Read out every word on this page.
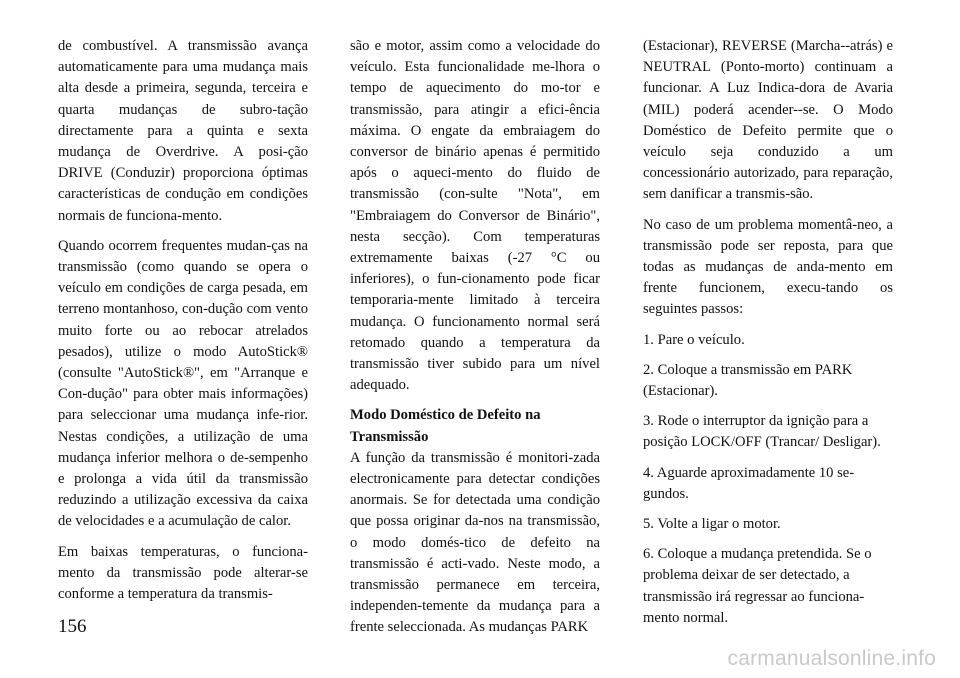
de combustível. A transmissão avança automaticamente para uma mudança mais alta desde a primeira, segunda, terceira e quarta mudanças de subro-tação directamente para a quinta e sexta mudança de Overdrive. A posi-ção DRIVE (Conduzir) proporciona óptimas características de condução em condições normais de funciona-mento.

Quando ocorrem frequentes mudan-ças na transmissão (como quando se opera o veículo em condições de carga pesada, em terreno montanhoso, con-dução com vento muito forte ou ao rebocar atrelados pesados), utilize o modo AutoStick® (consulte "AutoStick®", em "Arranque e Con-dução" para obter mais informações) para seleccionar uma mudança infe-rior. Nestas condições, a utilização de uma mudança inferior melhora o de-sempenho e prolonga a vida útil da transmissão reduzindo a utilização excessiva da caixa de velocidades e a acumulação de calor.

Em baixas temperaturas, o funciona-mento da transmissão pode alterar-se conforme a temperatura da transmis-

são e motor, assim como a velocidade do veículo. Esta funcionalidade me-lhora o tempo de aquecimento do mo-tor e transmissão, para atingir a efici-ência máxima. O engate da embraiagem do conversor de binário apenas é permitido após o aqueci-mento do fluido de transmissão (con-sulte "Nota", em "Embraiagem do Conversor de Binário", nesta secção). Com temperaturas extremamente baixas (-27 °C ou inferiores), o fun-cionamento pode ficar temporaria-mente limitado à terceira mudança. O funcionamento normal será retomado quando a temperatura da transmissão tiver subido para um nível adequado.

Modo Doméstico de Defeito na Transmissão

A função da transmissão é monitori-zada electronicamente para detectar condições anormais. Se for detectada uma condição que possa originar da-nos na transmissão, o modo domés-tico de defeito na transmissão é acti-vado. Neste modo, a transmissão permanece em terceira, independen-temente da mudança para a frente seleccionada. As mudanças PARK

(Estacionar), REVERSE (Marcha--atrás) e NEUTRAL (Ponto-morto) continuam a funcionar. A Luz Indica-dora de Avaria (MIL) poderá acender--se. O Modo Doméstico de Defeito permite que o veículo seja conduzido a um concessionário autorizado, para reparação, sem danificar a transmis-são.

No caso de um problema momentâ-neo, a transmissão pode ser reposta, para que todas as mudanças de anda-mento em frente funcionem, execu-tando os seguintes passos:

1. Pare o veículo.

2. Coloque a transmissão em PARK (Estacionar).

3. Rode o interruptor da ignição para a posição LOCK/OFF (Trancar/ Desligar).

4. Aguarde aproximadamente 10 se-gundos.

5. Volte a ligar o motor.

6. Coloque a mudança pretendida. Se o problema deixar de ser detectado, a transmissão irá regressar ao funciona-mento normal.

156
carmanualsonline.info
